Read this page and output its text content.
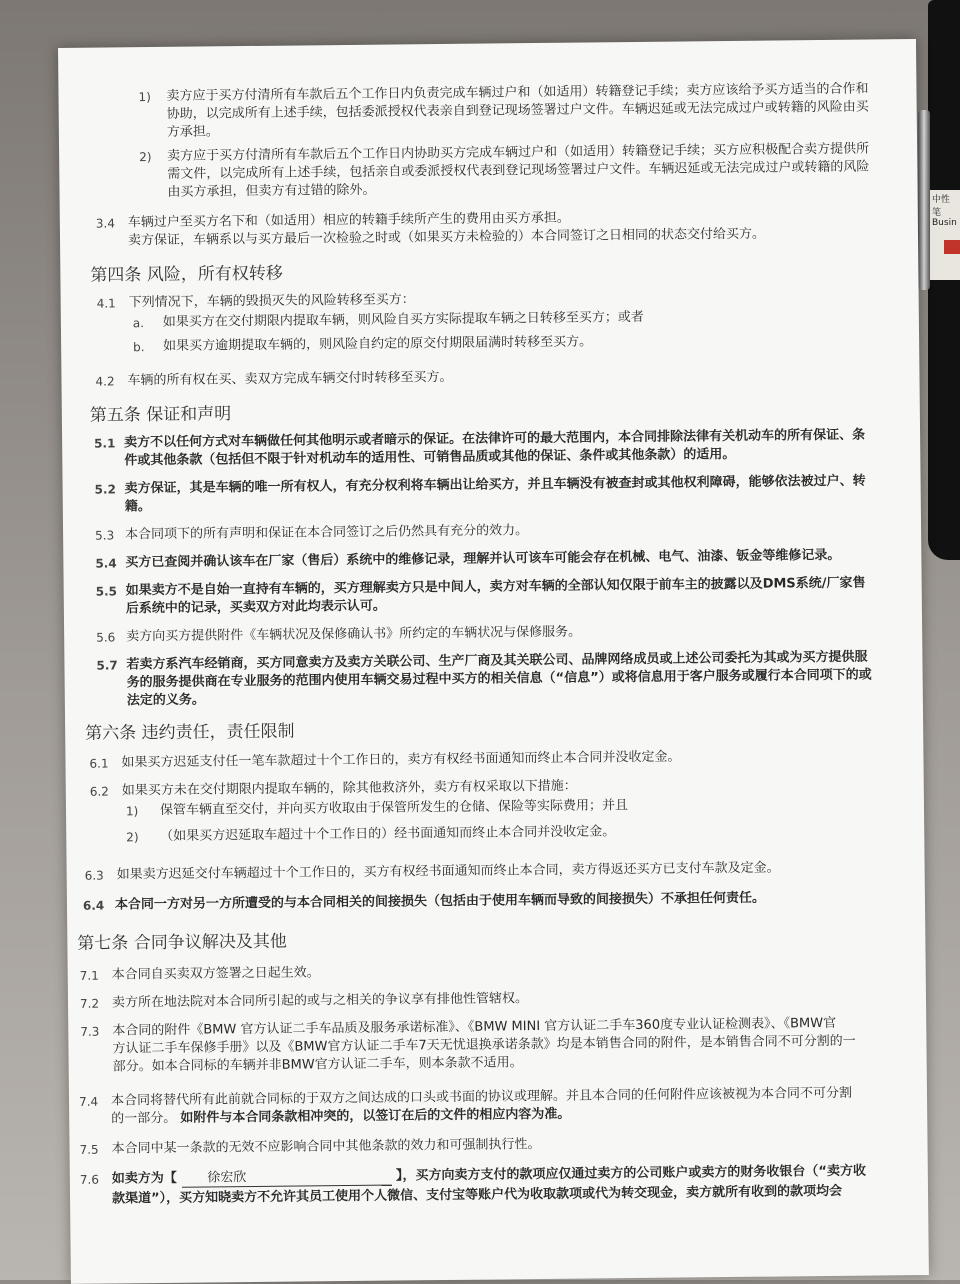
中性笔
Busin
1) 卖方应于买方付清所有车款后五个工作日内负责完成车辆过户和（如适用）转籍登记手续；卖方应该给予买方适当的合作和
协助，以完成所有上述手续，包括委派授权代表亲自到登记现场签署过户文件。车辆迟延或无法完成过户或转籍的风险由买
方承担。
2) 卖方应于买方付清所有车款后五个工作日内协助买方完成车辆过户和（如适用）转籍登记手续；买方应积极配合卖方提供所
需文件，以完成所有上述手续，包括亲自或委派授权代表到登记现场签署过户文件。车辆迟延或无法完成过户或转籍的风险
由买方承担，但卖方有过错的除外。
3.4 车辆过户至买方名下和（如适用）相应的转籍手续所产生的费用由买方承担。
卖方保证，车辆系以与买方最后一次检验之时或（如果买方未检验的）本合同签订之日相同的状态交付给买方。
第四条 风险，所有权转移
4.1 下列情况下，车辆的毁损灭失的风险转移至买方：
a. 如果买方在交付期限内提取车辆，则风险自买方实际提取车辆之日转移至买方；或者
b. 如果买方逾期提取车辆的，则风险自约定的原交付期限届满时转移至买方。
4.2 车辆的所有权在买、卖双方完成车辆交付时转移至买方。
第五条 保证和声明
5.1 卖方不以任何方式对车辆做任何其他明示或者暗示的保证。在法律许可的最大范围内，本合同排除法律有关机动车的所有保证、条
件或其他条款（包括但不限于针对机动车的适用性、可销售品质或其他的保证、条件或其他条款）的适用。
5.2 卖方保证，其是车辆的唯一所有权人，有充分权利将车辆出让给买方，并且车辆没有被查封或其他权利障碍，能够依法被过户、转
籍。
5.3 本合同项下的所有声明和保证在本合同签订之后仍然具有充分的效力。
5.4 买方已查阅并确认该车在厂家（售后）系统中的维修记录，理解并认可该车可能会存在机械、电气、油漆、钣金等维修记录。
5.5 如果卖方不是自始一直持有车辆的，买方理解卖方只是中间人，卖方对车辆的全部认知仅限于前车主的披露以及DMS系统/厂家售
后系统中的记录，买卖双方对此均表示认可。
5.6 卖方向买方提供附件《车辆状况及保修确认书》所约定的车辆状况与保修服务。
5.7 若卖方系汽车经销商，买方同意卖方及卖方关联公司、生产厂商及其关联公司、品牌网络成员或上述公司委托为其或为买方提供服
务的服务提供商在专业服务的范围内使用车辆交易过程中买方的相关信息（“信息”）或将信息用于客户服务或履行本合同项下的或
法定的义务。
第六条 违约责任，责任限制
6.1 如果买方迟延支付任一笔车款超过十个工作日的，卖方有权经书面通知而终止本合同并没收定金。
6.2 如果买方未在交付期限内提取车辆的，除其他救济外，卖方有权采取以下措施：
1) 保管车辆直至交付，并向买方收取由于保管所发生的仓储、保险等实际费用；并且
2) （如果买方迟延取车超过十个工作日的）经书面通知而终止本合同并没收定金。
6.3 如果卖方迟延交付车辆超过十个工作日的，买方有权经书面通知而终止本合同，卖方得返还买方已支付车款及定金。
6.4 本合同一方对另一方所遭受的与本合同相关的间接损失（包括由于使用车辆而导致的间接损失）不承担任何责任。
第七条 合同争议解决及其他
7.1 本合同自买卖双方签署之日起生效。
7.2 卖方所在地法院对本合同所引起的或与之相关的争议享有排他性管辖权。
7.3 本合同的附件《BMW 官方认证二手车品质及服务承诺标准》、《BMW MINI 官方认证二手车360度专业认证检测表》、《BMW官
方认证二手车保修手册》以及《BMW官方认证二手车7天无忧退换承诺条款》均是本销售合同的附件，是本销售合同不可分割的一
部分。如本合同标的车辆并非BMW官方认证二手车，则本条款不适用。
7.4 本合同将替代所有此前就合同标的于双方之间达成的口头或书面的协议或理解。并且本合同的任何附件应该被视为本合同不可分割
的一部分。 如附件与本合同条款相冲突的，以签订在后的文件的相应内容为准。
7.5 本合同中某一条款的无效不应影响合同中其他条款的效力和可强制执行性。
7.6 如卖方为【 徐宏欣	】，买方向卖方支付的款项应仅通过卖方的公司账户或卖方的财务收银台（“卖方收
款渠道”），买方知晓卖方不允许其员工使用个人微信、支付宝等账户代为收取款项或代为转交现金，卖方就所有收到的款项均会
